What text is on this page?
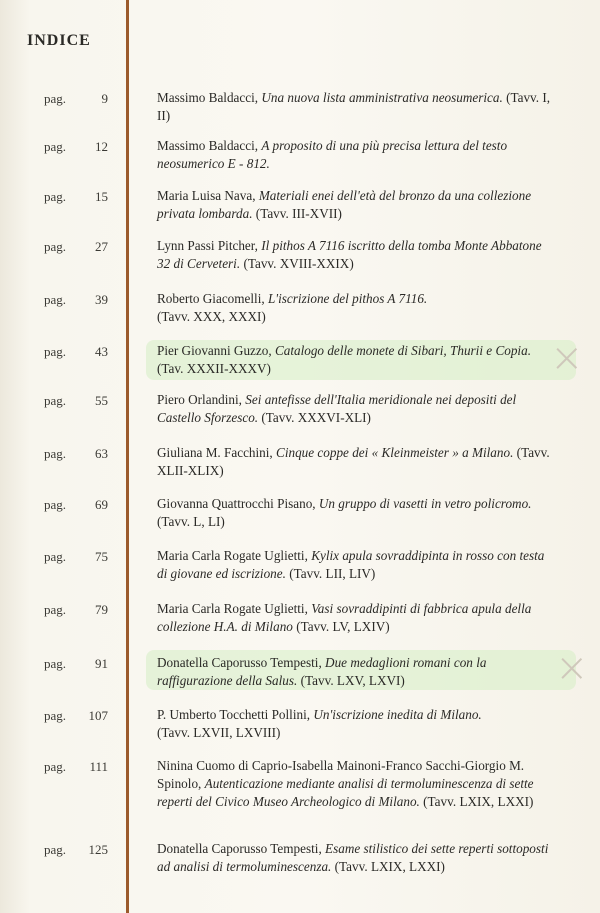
INDICE
×
×
pag.	9	Massimo Baldacci, Una nuova lista amministrativa neosumerica. (Tavv. I, II)
pag. 12	Massimo Baldacci, A proposito di una più precisa lettura del testo neosumerico E - 812.
pag. 15	Maria Luisa Nava, Materiali enei dell'età del bronzo da una collezione privata lombarda. (Tavv. III-XVII)
pag. 27	Lynn Passi Pitcher, Il pithos A 7116 iscritto della tomba Monte Abbatone 32 di Cerveteri. (Tavv. XVIII-XXIX)
pag. 39	Roberto Giacomelli, L'iscrizione del pithos A 7116.
(Tavv. XXX, XXXI)
pag. 43	Pier Giovanni Guzzo, Catalogo delle monete di Sibari, Thurii e Copia. (Tav. XXXII-XXXV)
pag. 55	Piero Orlandini, Sei antefisse dell'Italia meridionale nei depositi del Castello Sforzesco. (Tavv. XXXVI-XLI)
pag. 63	Giuliana M. Facchini, Cinque coppe dei « Kleinmeister » a Milano. (Tavv. XLII-XLIX)
pag. 69	Giovanna Quattrocchi Pisano, Un gruppo di vasetti in vetro policromo. (Tavv. L, LI)
pag. 75	Maria Carla Rogate Uglietti, Kylix apula sovraddipinta in rosso con testa di giovane ed iscrizione. (Tavv. LII, LIV)
pag. 79	Maria Carla Rogate Uglietti, Vasi sovraddipinti di fabbrica apula della collezione H.A. di Milano (Tavv. LV, LXIV)
pag. 91	Donatella Caporusso Tempesti, Due medaglioni romani con la raffigurazione della Salus. (Tavv. LXV, LXVI)
pag. 107	P. Umberto Tocchetti Pollini, Un'iscrizione inedita di Milano.
(Tavv. LXVII, LXVIII)
pag. 111	Ninina Cuomo di Caprio-Isabella Mainoni-Franco Sacchi-Giorgio M. Spinolo, Autenticazione mediante analisi di termoluminescenza di sette reperti del Civico Museo Archeologico di Milano. (Tavv. LXIX, LXXI)
pag. 125	Donatella Caporusso Tempesti, Esame stilistico dei sette reperti sottoposti ad analisi di termoluminescenza. (Tavv. LXIX, LXXI)
